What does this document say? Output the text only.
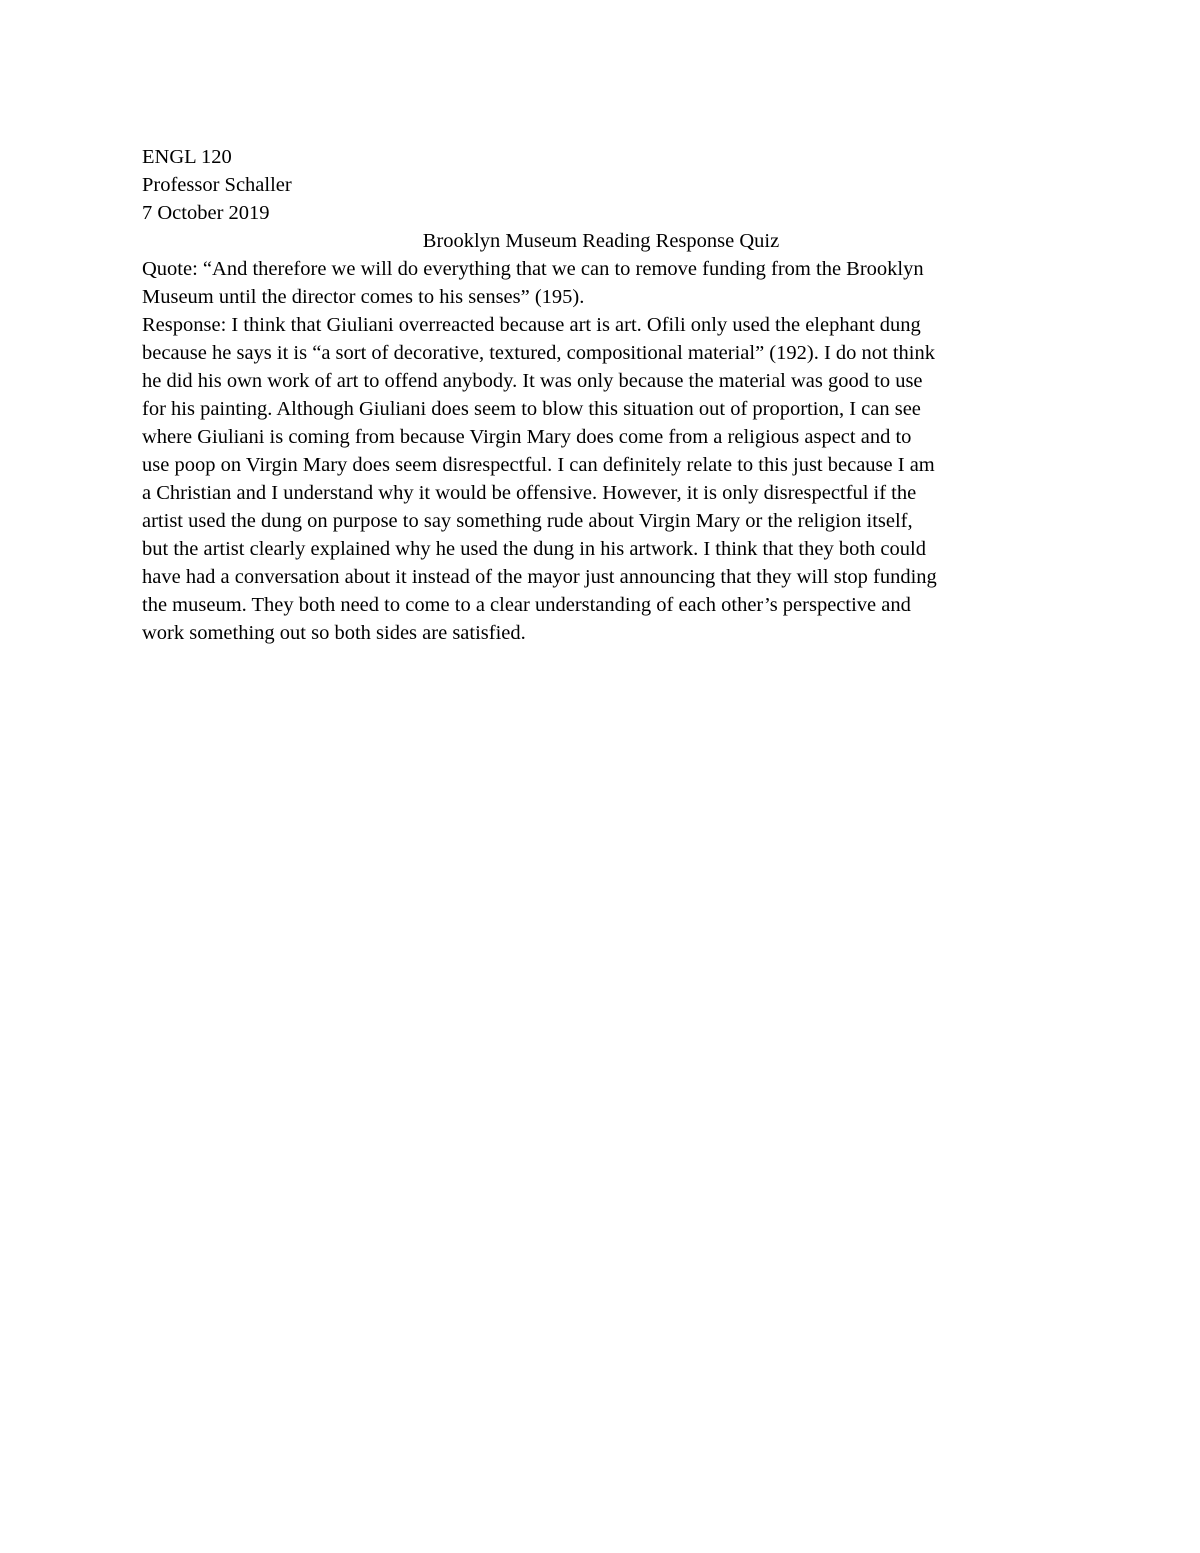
ENGL 120
Professor Schaller
7 October 2019
Brooklyn Museum Reading Response Quiz
Quote: “And therefore we will do everything that we can to remove funding from the Brooklyn
Museum until the director comes to his senses” (195).
Response: I think that Giuliani overreacted because art is art. Ofili only used the elephant dung
because he says it is “a sort of decorative, textured, compositional material” (192). I do not think
he did his own work of art to offend anybody. It was only because the material was good to use
for his painting. Although Giuliani does seem to blow this situation out of proportion, I can see
where Giuliani is coming from because Virgin Mary does come from a religious aspect and to
use poop on Virgin Mary does seem disrespectful. I can definitely relate to this just because I am
a Christian and I understand why it would be offensive. However, it is only disrespectful if the
artist used the dung on purpose to say something rude about Virgin Mary or the religion itself,
but the artist clearly explained why he used the dung in his artwork. I think that they both could
have had a conversation about it instead of the mayor just announcing that they will stop funding
the museum. They both need to come to a clear understanding of each other’s perspective and
work something out so both sides are satisfied.
